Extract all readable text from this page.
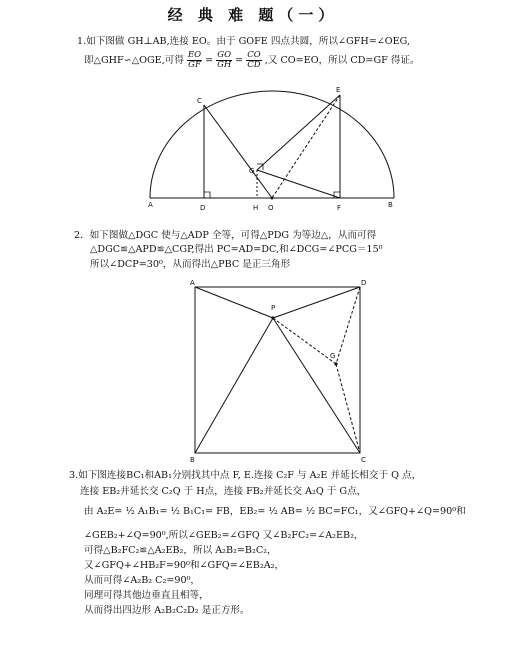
经 典 难 题（一）
1.如下图做 GH⊥AB,连接 EO。由于 GOFE 四点共圆，所以∠GFH=∠OEG,
即△GHF∽△OGE,可得 $\frac{EO}{GF} = \frac{GO}{GH} = \frac{CO}{CD}$ ,又 CO=EO，所以 CD=GF 得证。
C
E
G
A	D	H O	F	B
A	D
P
G
B	C
2．如下图做△DGC 使与△ADP 全等，可得△PDG 为等边△，从而可得
△DGC≌△APD≌△CGP,得出 PC=AD=DC,和∠DCG=∠PCG＝15⁰
所以∠DCP=30⁰，从而得出△PBC 是正三角形
3.如下图连接BC₁和AB₁分别找其中点 F, E.连接 C₂F 与 A₂E 并延长相交于 Q 点，
连接 EB₂并延长交 C₂Q 于 H点，连接 FB₂并延长交 A₂Q 于 G点，
由 A₂E= ½ A₁B₁= ½ B₁C₁= FB，EB₂= ½ AB= ½ BC=FC₁，又∠GFQ+∠Q=90⁰和
∠GEB₂+∠Q=90⁰,所以∠GEB₂=∠GFQ 又∠B₂FC₂=∠A₂EB₂，
可得△B₂FC₂≌△A₂EB₂，所以 A₂B₂=B₂C₂，
又∠GFQ+∠HB₂F=90⁰和∠GFQ=∠EB₂A₂，
从而可得∠A₂B₂ C₂=90⁰，
同理可得其他边垂直且相等，
从而得出四边形 A₂B₂C₂D₂ 是正方形。
